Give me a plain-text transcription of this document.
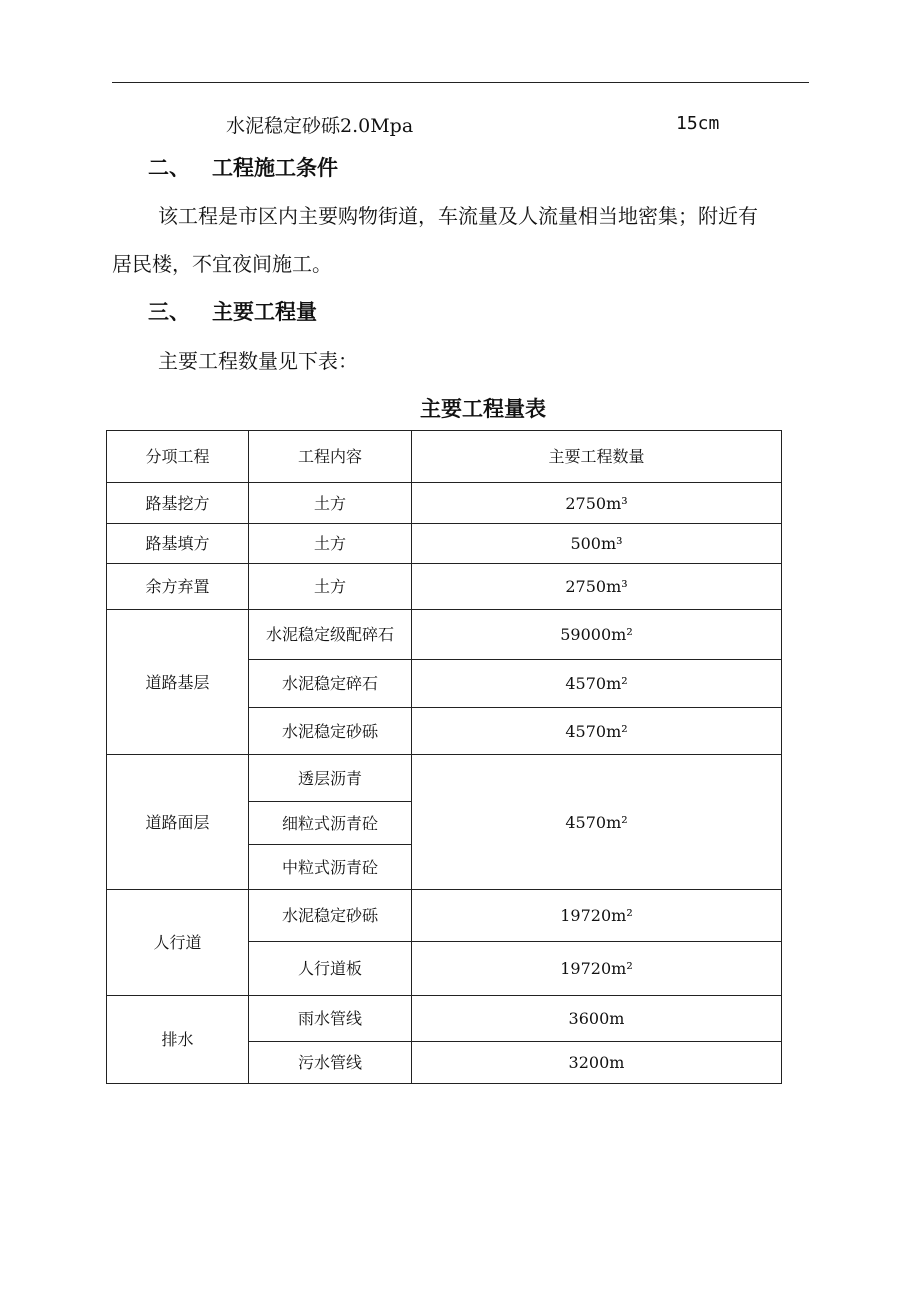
水泥稳定砂砾2.0Mpa	15cm
二、 工程施工条件
该工程是市区内主要购物街道，车流量及人流量相当地密集；附近有
居民楼，不宜夜间施工。
三、 主要工程量
主要工程数量见下表：
主要工程量表
分项工程	工程内容	主要工程数量
路基挖方	土方	2750m³
路基填方	土方	500m³
余方弃置	土方	2750m³
道路基层	水泥稳定级配碎石	59000m²
	水泥稳定碎石	4570m²
	水泥稳定砂砾	4570m²
道路面层	透层沥青	4570m²
	细粒式沥青砼	
	中粒式沥青砼	
人行道	水泥稳定砂砾	19720m²
	人行道板	19720m²
排水	雨水管线	3600m
	污水管线	3200m
